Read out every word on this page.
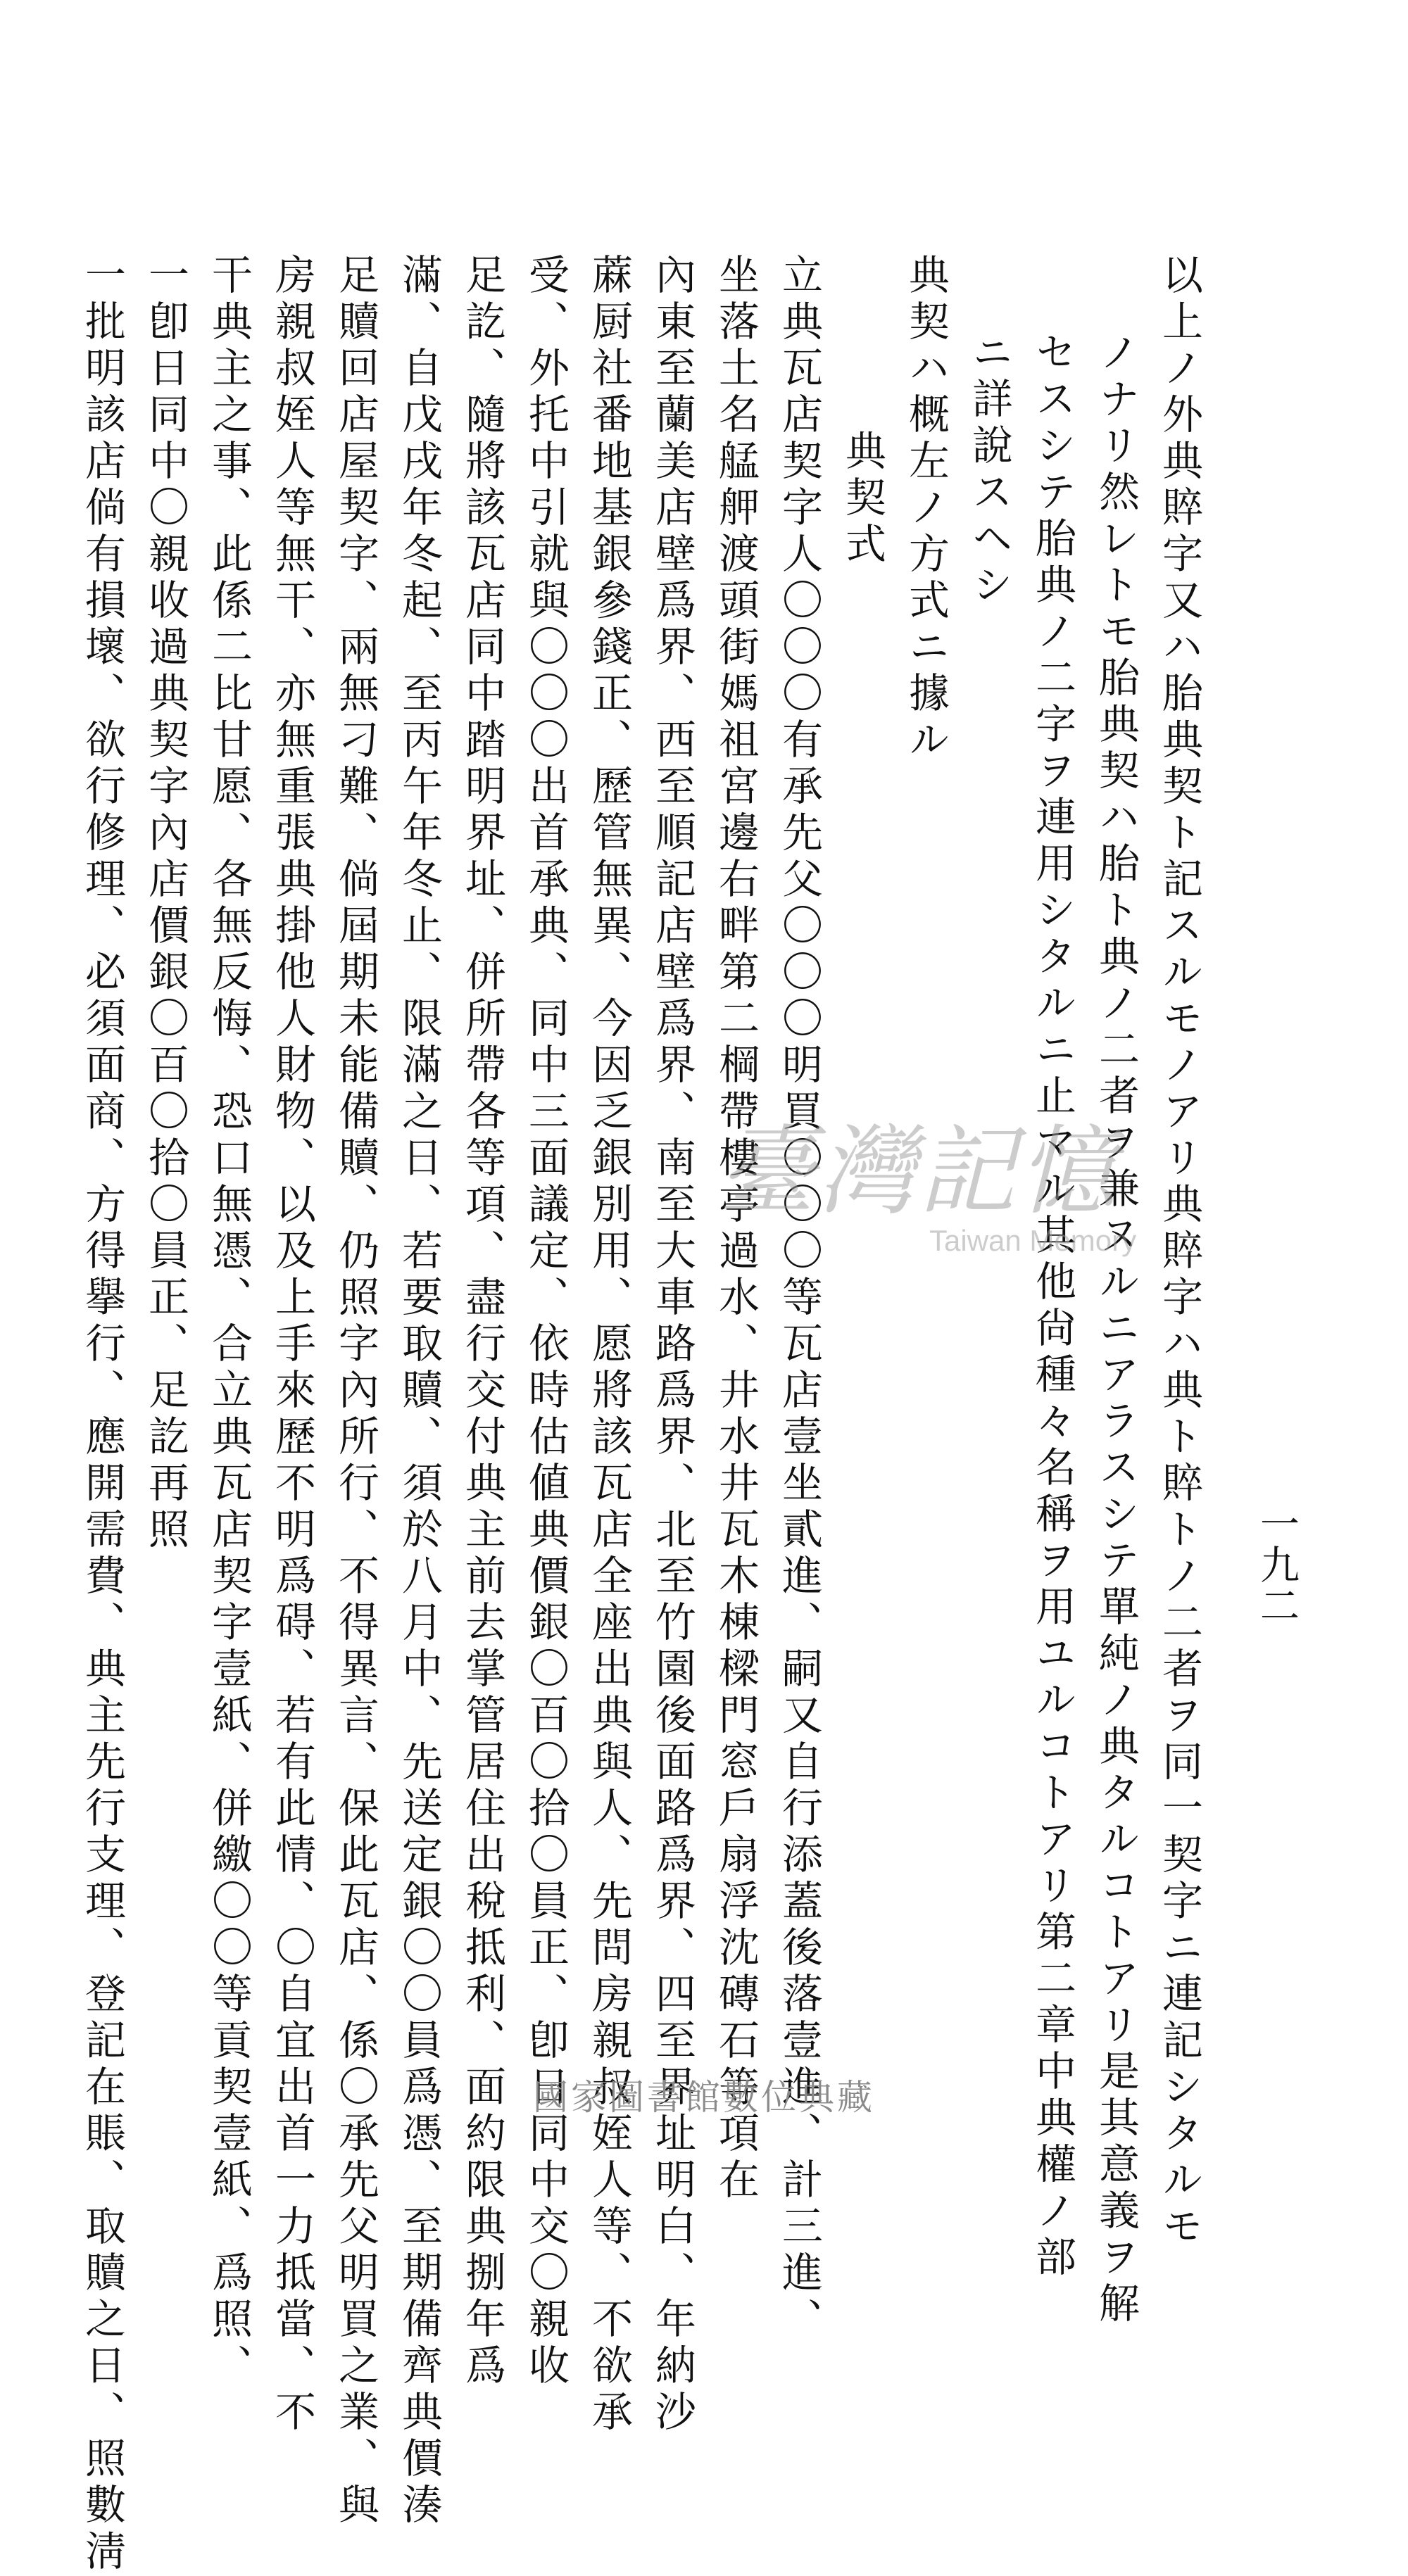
一九二
以上ノ外典賥字又ハ胎典契ト記スルモノアリ典賥字ハ典ト賥トノ二者ヲ同一契字ニ連記シタルモ
ノナリ然レトモ胎典契ハ胎ト典ノ二者ヲ兼ヌルニアラスシテ單純ノ典タルコトアリ是其意義ヲ解
セスシテ胎典ノ二字ヲ連用シタルニ止マル其他尙種々名稱ヲ用ユルコトアリ第二章中典權ノ部
ニ詳說スヘシ
典契ハ概左ノ方式ニ據ル
典契式
立典瓦店契字人〇〇〇有承先父〇〇〇明買〇〇〇等瓦店壹坐貳進、嗣又自行添蓋後落壹進、計三進、
坐落土名艋舺渡頭街媽祖宮邊右畔第二棡帶樓亭過水、井水井瓦木棟樑門窓戶扇浮沈磚石等項在
內東至蘭美店壁爲界、西至順記店壁爲界、南至大車路爲界、北至竹園後面路爲界、四至界址明白、年納沙
蔴厨社番地基銀參錢正、歷管無異、今因乏銀別用、愿將該瓦店全座出典與人、先問房親叔姪人等、不欲承
受、外托中引就與〇〇〇出首承典、同中三面議定、依時估値典價銀〇百〇拾〇員正、卽日同中交〇親收
足訖、隨將該瓦店同中踏明界址、併所帶各等項、盡行交付典主前去掌管居住出稅抵利、面約限典捌年爲
滿、自戊戌年冬起、至丙午年冬止、限滿之日、若要取贖、須於八月中、先送定銀〇〇員爲憑、至期備齊典價湊
足贖回店屋契字、兩無刁難、倘屆期未能備贖、仍照字內所行、不得異言、保此瓦店、係〇承先父明買之業、與
房親叔姪人等無干、亦無重張典掛他人財物、以及上手來歷不明爲碍、若有此情、〇自宜出首一力抵當、不
干典主之事、此係二比甘愿、各無反悔、恐口無憑、合立典瓦店契字壹紙、併繳〇〇等貢契壹紙、爲照、
一卽日同中〇親收過典契字內店價銀〇百〇拾〇員正、足訖再照
一批明該店倘有損壞、欲行修理、必須面商、方得擧行、應開需費、典主先行支理、登記在賬、取贖之日、照數淸	臺灣記憶
Taiwan Memory
國家圖書館數位典藏
